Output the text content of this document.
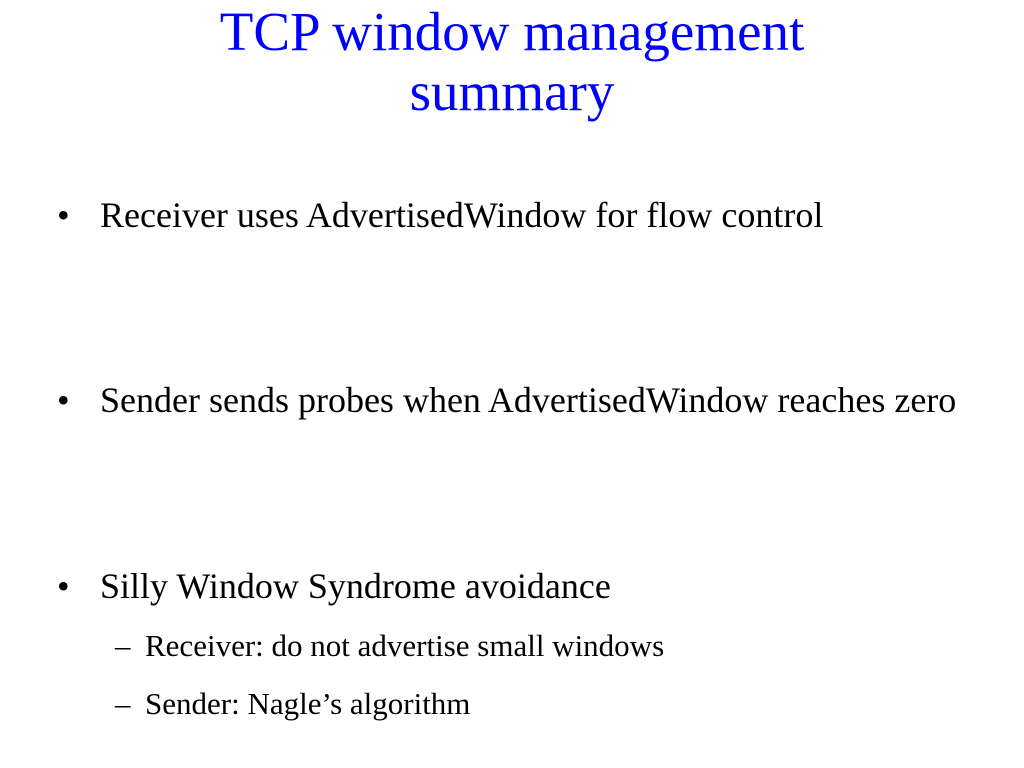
TCP window management
summary
• Receiver uses AdvertisedWindow for flow control
• Sender sends probes when AdvertisedWindow reaches zero
• Silly Window Syndrome avoidance
– Receiver: do not advertise small windows
– Sender: Nagle’s algorithm
